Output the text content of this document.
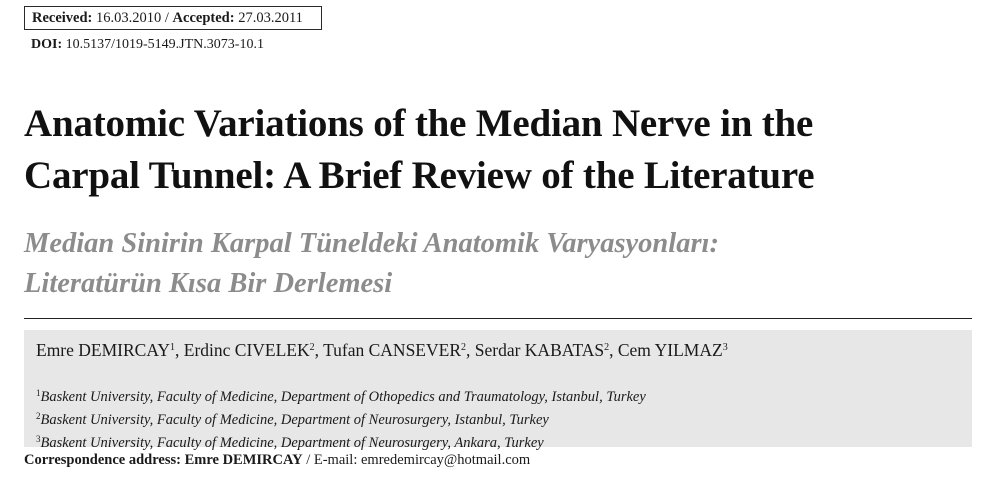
Received: 16.03.2010 / Accepted: 27.03.2011
DOI: 10.5137/1019-5149.JTN.3073-10.1
Anatomic Variations of the Median Nerve in the
Carpal Tunnel: A Brief Review of the Literature
Median Sinirin Karpal Tüneldeki Anatomik Varyasyonları:
Literatürün Kısa Bir Derlemesi
Emre DEMIRCAY$^1$, Erdinc CIVELEK$^2$, Tufan CANSEVER$^2$, Serdar KABATAS$^2$, Cem YILMAZ$^3$
$^1$Baskent University, Faculty of Medicine, Department of Othopedics and Traumatology, Istanbul, Turkey
$^2$Baskent University, Faculty of Medicine, Department of Neurosurgery, Istanbul, Turkey
$^3$Baskent University, Faculty of Medicine, Department of Neurosurgery, Ankara, Turkey
Correspondence address: Emre DEMIRCAY / E-mail: emredemircay@hotmail.com
